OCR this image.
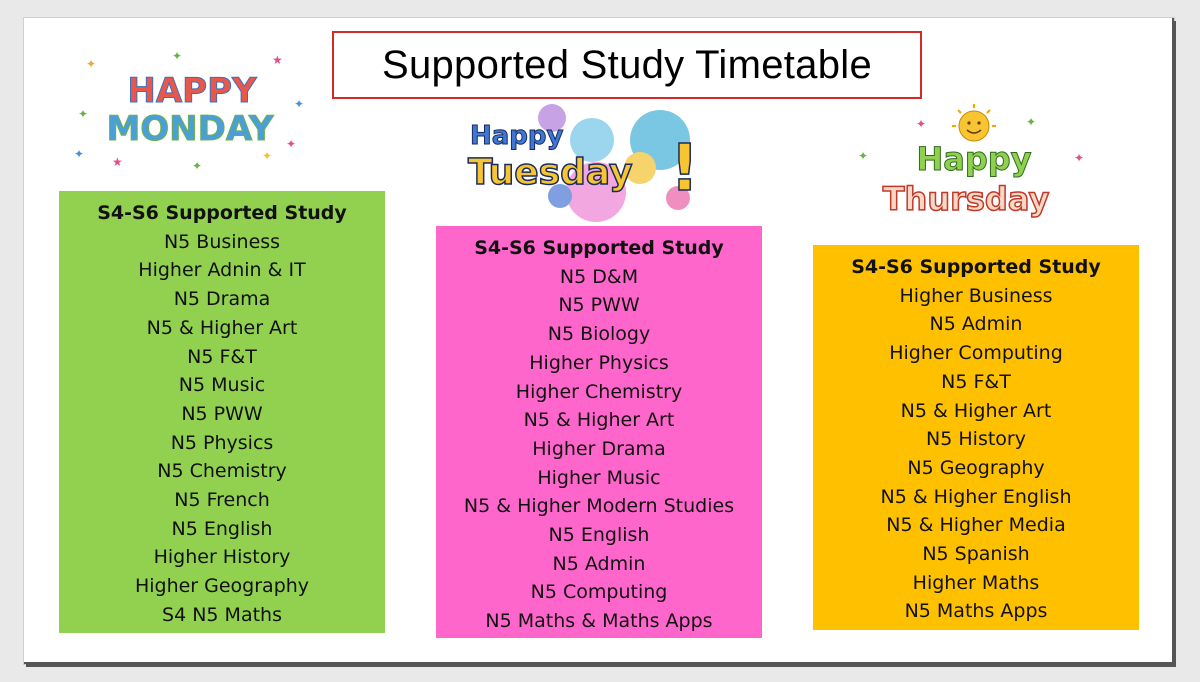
Supported Study Timetable
✦	★
✦
✦
★	✦
✦
✦
✦
✦
HAPPY
MONDAY	Happy
Tuesday !
✦	✦
✦	✦
Happy
Thursday
S4-S6 Supported Study
N5 Business
Higher Adnin & IT
N5 Drama
N5 & Higher Art
N5 F&T
N5 Music
N5 PWW
N5 Physics
N5 Chemistry
N5 French
N5 English
Higher History
Higher Geography
S4 N5 Maths
S4-S6 Supported Study
N5 D&M
N5 PWW
N5 Biology
Higher Physics
Higher Chemistry
N5 & Higher Art
Higher Drama
Higher Music
N5 & Higher Modern Studies
N5 English
N5 Admin
N5 Computing
N5 Maths & Maths Apps
S4-S6 Supported Study
Higher Business
N5 Admin
Higher Computing
N5 F&T
N5 & Higher Art
N5 History
N5 Geography
N5 & Higher English
N5 & Higher Media
N5 Spanish
Higher Maths
N5 Maths Apps
